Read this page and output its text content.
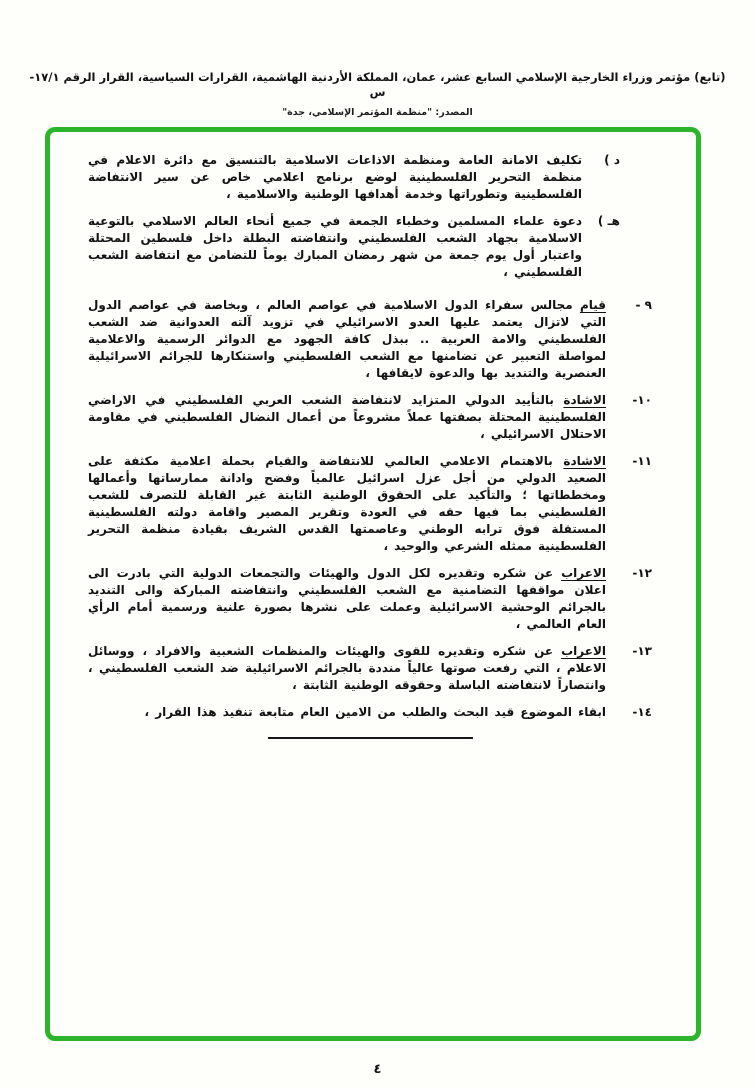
(تابع) مؤتمر وزراء الخارجية الإسلامي السابع عشر، عمان، المملكة الأردنية الهاشمية، القرارات السياسية، القرار الرقم ١٧/١-س
المصدر: "منظمة المؤتمر الإسلامي، جدة"
د )

تكليف الامانة العامة ومنظمة الاذاعات الاسلامية بالتنسيق مع دائرة الاعلام في منظمة التحرير الفلسطينية لوضع برنامج اعلامي خاص عن سير الانتفاضة الفلسطينية وتطوراتها وخدمة أهدافها الوطنية والاسلامية ،

هـ )

دعوة علماء المسلمين وخطباء الجمعة في جميع أنحاء العالم الاسلامي بالتوعية الاسلامية بجهاد الشعب الفلسطيني وانتفاضته البطلة داخل فلسطين المحتلة واعتبار أول يوم جمعة من شهر رمضان المبارك يوماً للتضامن مع انتفاضة الشعب الفلسطيني ،

٩ -

قيام مجالس سفراء الدول الاسلامية في عواصم العالم ، وبخاصة في عواصم الدول التي لاتزال يعتمد عليها العدو الاسرائيلي في تزويد آلته العدوانية ضد الشعب الفلسطيني والامة العربية .. ببذل كافة الجهود مع الدوائر الرسمية والاعلامية لمواصلة التعبير عن تضامنها مع الشعب الفلسطيني واستنكارها للجرائم الاسرائيلية العنصرية والتنديد بها والدعوة لايقافها ،

١٠-

الاشادة بالتأييد الدولي المتزايد لانتفاضة الشعب العربي الفلسطيني في الاراضي الفلسطينية المحتلة بصفتها عملاً مشروعاً من أعمال النضال الفلسطيني في مقاومة الاحتلال الاسرائيلي ،

١١-

الاشادة بالاهتمام الاعلامي العالمي للانتفاضة والقيام بحملة اعلامية مكثفة على الصعيد الدولي من أجل عزل اسرائيل عالمياً وفضح وادانة ممارساتها وأعمالها ومخططاتها ؛ والتأكيد على الحقوق الوطنية الثابتة غير القابلة للتصرف للشعب الفلسطيني بما فيها حقه في العودة وتقرير المصير واقامة دولته الفلسطينية المستقلة فوق ترابه الوطني وعاصمتها القدس الشريف بقيادة منظمة التحرير الفلسطينية ممثله الشرعي والوحيد ،

١٢-

الاعراب عن شكره وتقديره لكل الدول والهيئات والتجمعات الدولية التي بادرت الى اعلان مواقفها التضامنية مع الشعب الفلسطيني وانتفاضته المباركة والى التنديد بالجرائم الوحشية الاسرائيلية وعملت على نشرها بصورة علنية ورسمية أمام الرأي العام العالمي ،

١٣-

الاعراب عن شكره وتقديره للقوى والهيئات والمنظمات الشعبية والافراد ، ووسائل الاعلام ، التي رفعت صوتها عالياً منددة بالجرائم الاسرائيلية ضد الشعب الفلسطيني ، وانتصاراً لانتفاضته الباسلة وحقوقه الوطنية الثابتة ،

١٤-

ابقاء الموضوع قيد البحث والطلب من الامين العام متابعة تنفيذ هذا القرار ،

٤
